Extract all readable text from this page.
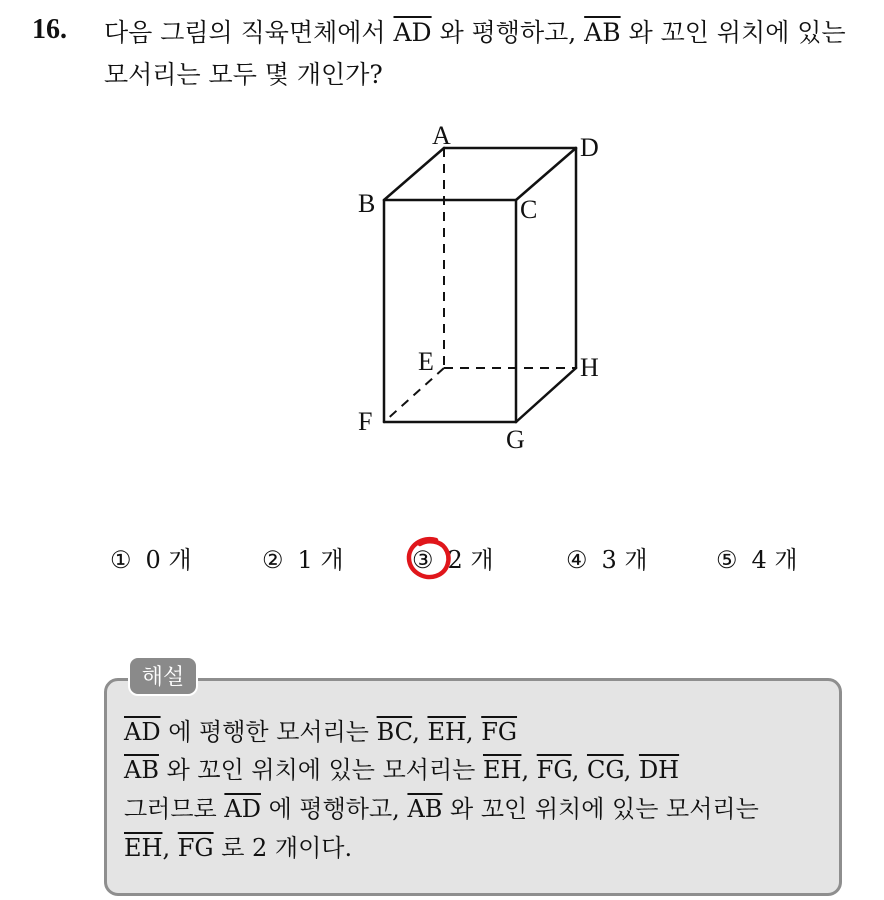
16. 다음 그림의 직육면체에서 $\overline{AD}$ 와 평행하고, $\overline{AB}$ 와 꼬인 위치에 있는
모서리는 모두 몇 개인가?
A	D
B	C
E	H
F
G
① 0 개	② 1 개	③ 2 개	④ 3 개	⑤ 4 개
해설
$\overline{AD}$ 에 평행한 모서리는 $\overline{BC}$, $\overline{EH}$, $\overline{FG}$
$\overline{AB}$ 와 꼬인 위치에 있는 모서리는 $\overline{EH}$, $\overline{FG}$, $\overline{CG}$, $\overline{DH}$
그러므로 $\overline{AD}$ 에 평행하고, $\overline{AB}$ 와 꼬인 위치에 있는 모서리는
$\overline{EH}$, $\overline{FG}$ 로 2 개이다.
